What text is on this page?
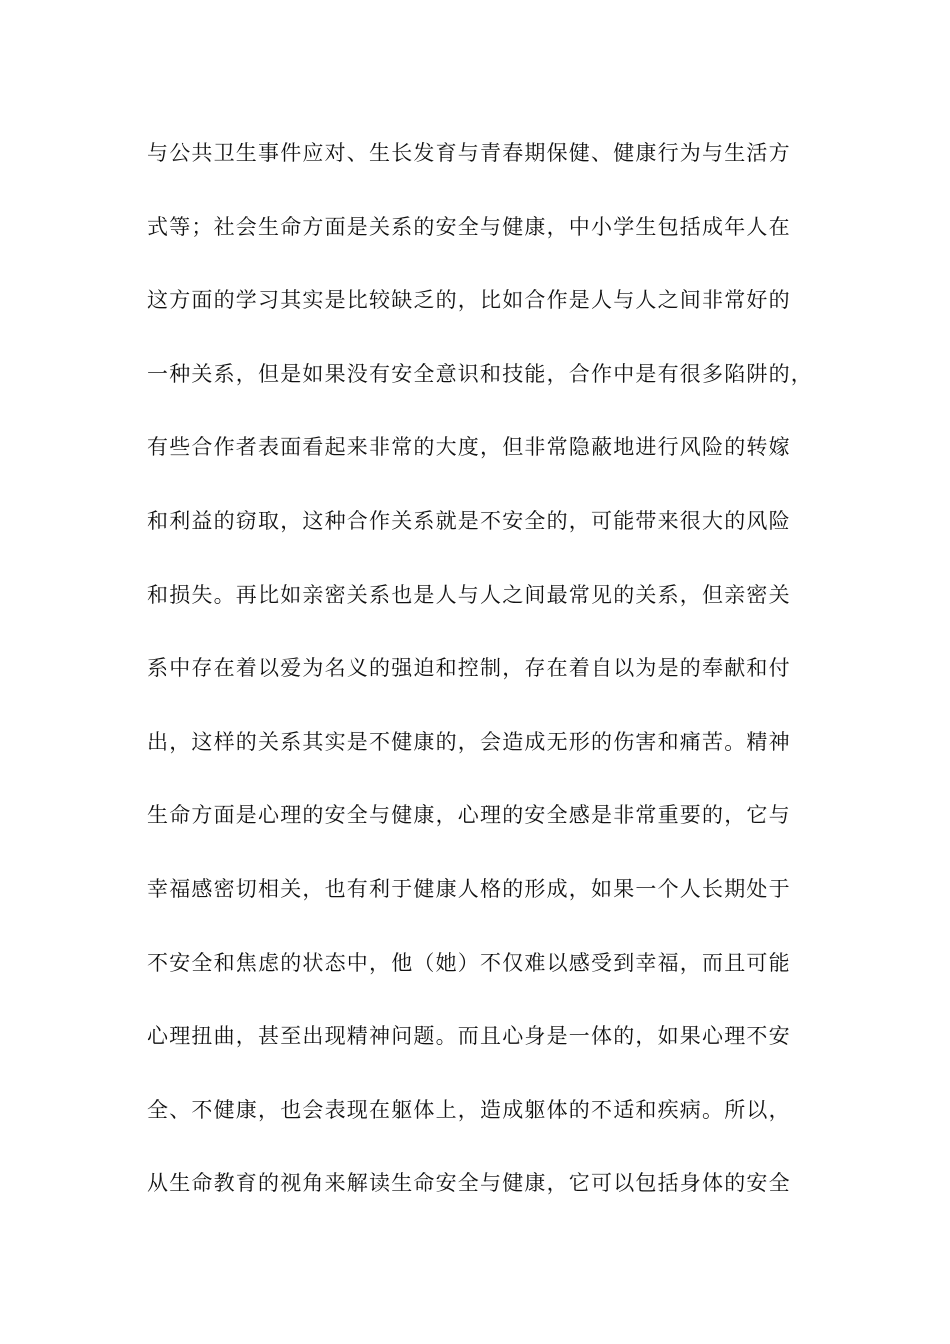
与公共卫生事件应对、生长发育与青春期保健、健康行为与生活方
式等；社会生命方面是关系的安全与健康，中小学生包括成年人在
这方面的学习其实是比较缺乏的，比如合作是人与人之间非常好的
一种关系，但是如果没有安全意识和技能，合作中是有很多陷阱的，
有些合作者表面看起来非常的大度，但非常隐蔽地进行风险的转嫁
和利益的窃取，这种合作关系就是不安全的，可能带来很大的风险
和损失。再比如亲密关系也是人与人之间最常见的关系，但亲密关
系中存在着以爱为名义的强迫和控制，存在着自以为是的奉献和付
出，这样的关系其实是不健康的，会造成无形的伤害和痛苦。精神
生命方面是心理的安全与健康，心理的安全感是非常重要的，它与
幸福感密切相关，也有利于健康人格的形成，如果一个人长期处于
不安全和焦虑的状态中，他（她）不仅难以感受到幸福，而且可能
心理扭曲，甚至出现精神问题。而且心身是一体的，如果心理不安
全、不健康，也会表现在躯体上，造成躯体的不适和疾病。所以，
从生命教育的视角来解读生命安全与健康，它可以包括身体的安全
